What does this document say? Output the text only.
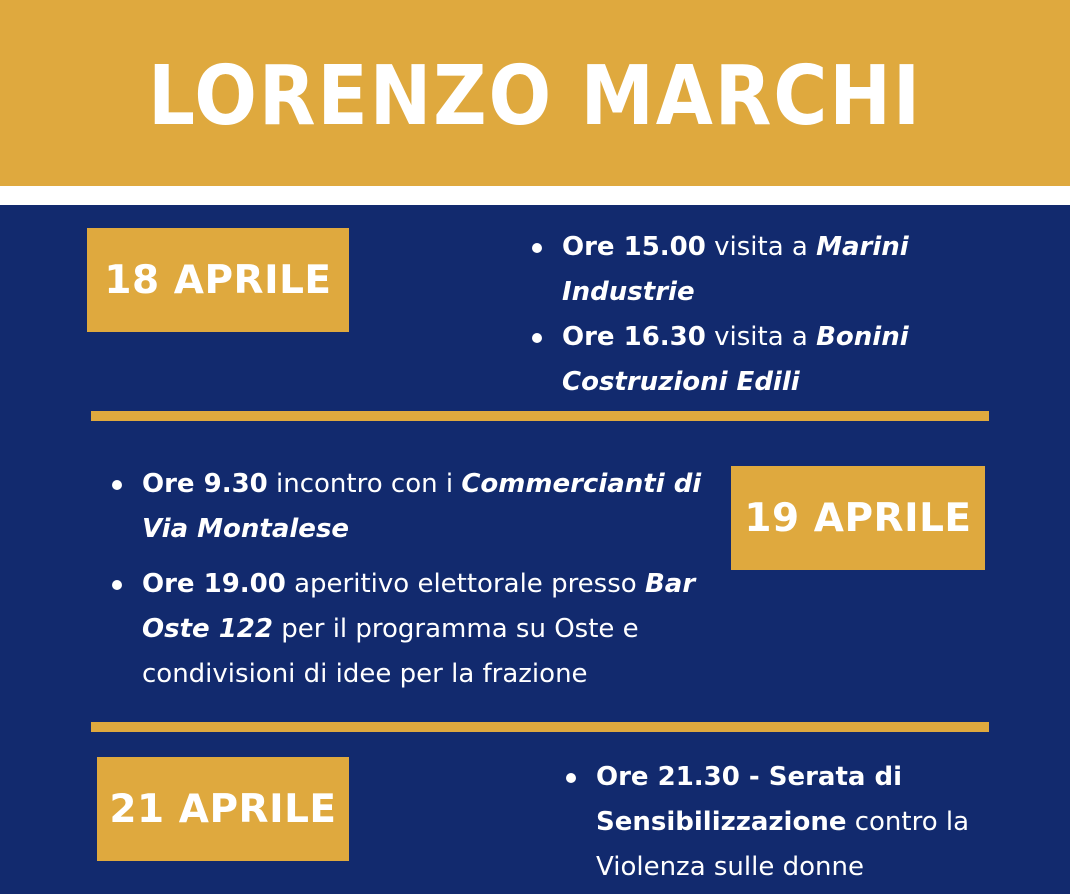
LORENZO MARCHI
18 APRILE
Ore 15.00 visita a Marini Industrie
Ore 16.30 visita a Bonini Costruzioni Edili
Ore 9.30 incontro con i Commercianti di Via Montalese
Ore 19.00 aperitivo elettorale presso Bar Oste 122 per il programma su Oste e condivisioni di idee per la frazione
19 APRILE
21 APRILE
Ore 21.30 - Serata di Sensibilizzazione contro la Violenza sulle donne
